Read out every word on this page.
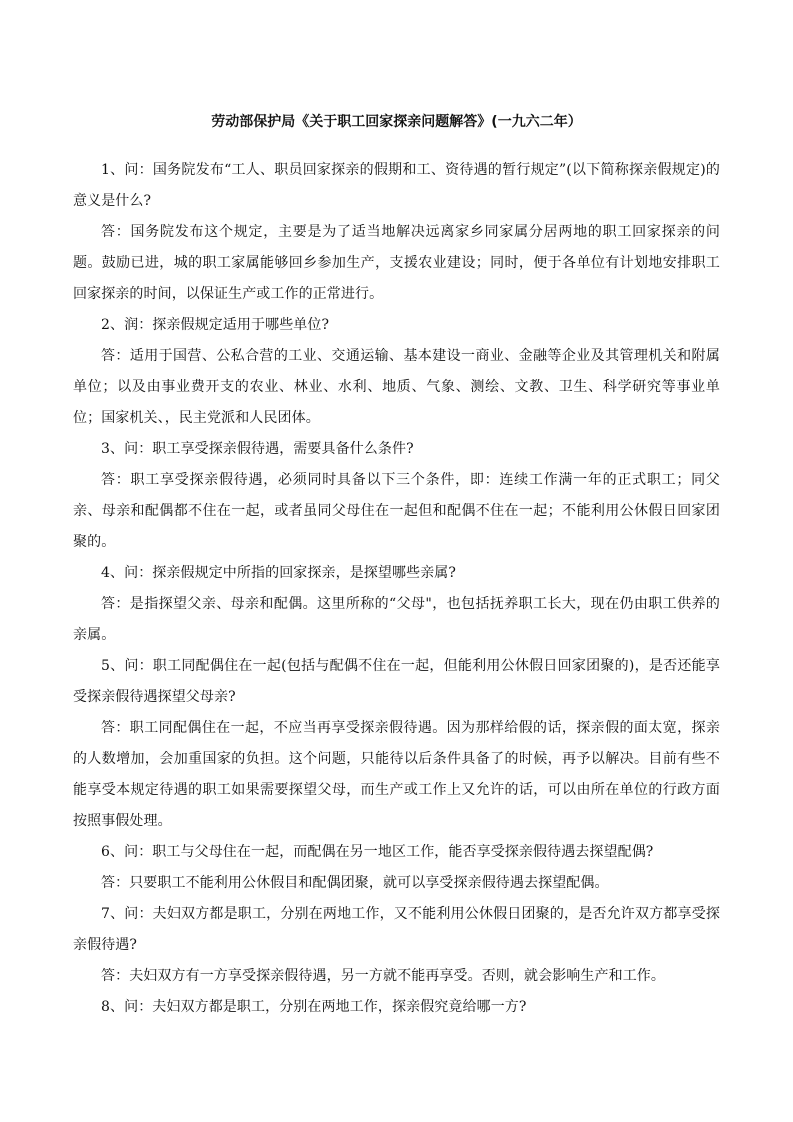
劳动部保护局《关于职工回家探亲问题解答》(一九六二年）

1、问：国务院发布“工人、职员回家探亲的假期和工、资待遇的暂行规定”(以下简称探亲假规定)的意义是什么?

答：国务院发布这个规定，主要是为了适当地解决远离家乡同家属分居两地的职工回家探亲的问题。鼓励已进，城的职工家属能够回乡参加生产，支援农业建设；同时，便于各单位有计划地安排职工回家探亲的时间，以保证生产或工作的正常进行。

2、润：探亲假规定适用于哪些单位?

答：适用于国营、公私合营的工业、交通运输、基本建设一商业、金融等企业及其管理机关和附属单位；以及由事业费开支的农业、林业、水利、地质、气象、测绘、文教、卫生、科学研究等事业单位；国家机关、，民主党派和人民团体。

3、问：职工享受探亲假待遇，需要具备什么条件?

答：职工享受探亲假待遇，必须同时具备以下三个条件，即：连续工作满一年的正式职工；同父亲、母亲和配偶都不住在一起，或者虽同父母住在一起但和配偶不住在一起；不能利用公休假日回家团聚的。

4、问：探亲假规定中所指的回家探亲，是探望哪些亲属?

答：是指探望父亲、母亲和配偶。这里所称的“父母"，也包括抚养职工长大，现在仍由职工供养的亲属。

5、问：职工同配偶住在一起(包括与配偶不住在一起，但能利用公休假日回家团聚的)，是否还能享受探亲假待遇探望父母亲?

答：职工同配偶住在一起，不应当再享受探亲假待遇。因为那样给假的话，探亲假的面太宽，探亲的人数增加，会加重国家的负担。这个问题，只能待以后条件具备了的时候，再予以解决。目前有些不能享受本规定待遇的职工如果需要探望父母，而生产或工作上又允许的话，可以由所在单位的行政方面按照事假处理。

6、问：职工与父母住在一起，而配偶在另一地区工作，能否享受探亲假待遇去探望配偶?

答：只要职工不能利用公休假目和配偶团聚，就可以享受探亲假待遇去探望配偶。

7、问：夫妇双方都是职工，分别在两地工作，又不能利用公休假日团聚的，是否允许双方都享受探亲假待遇?

答：夫妇双方有一方享受探亲假待遇，另一方就不能再享受。否则，就会影响生产和工作。

8、问：夫妇双方都是职工，分别在两地工作，探亲假究竟给哪一方?
